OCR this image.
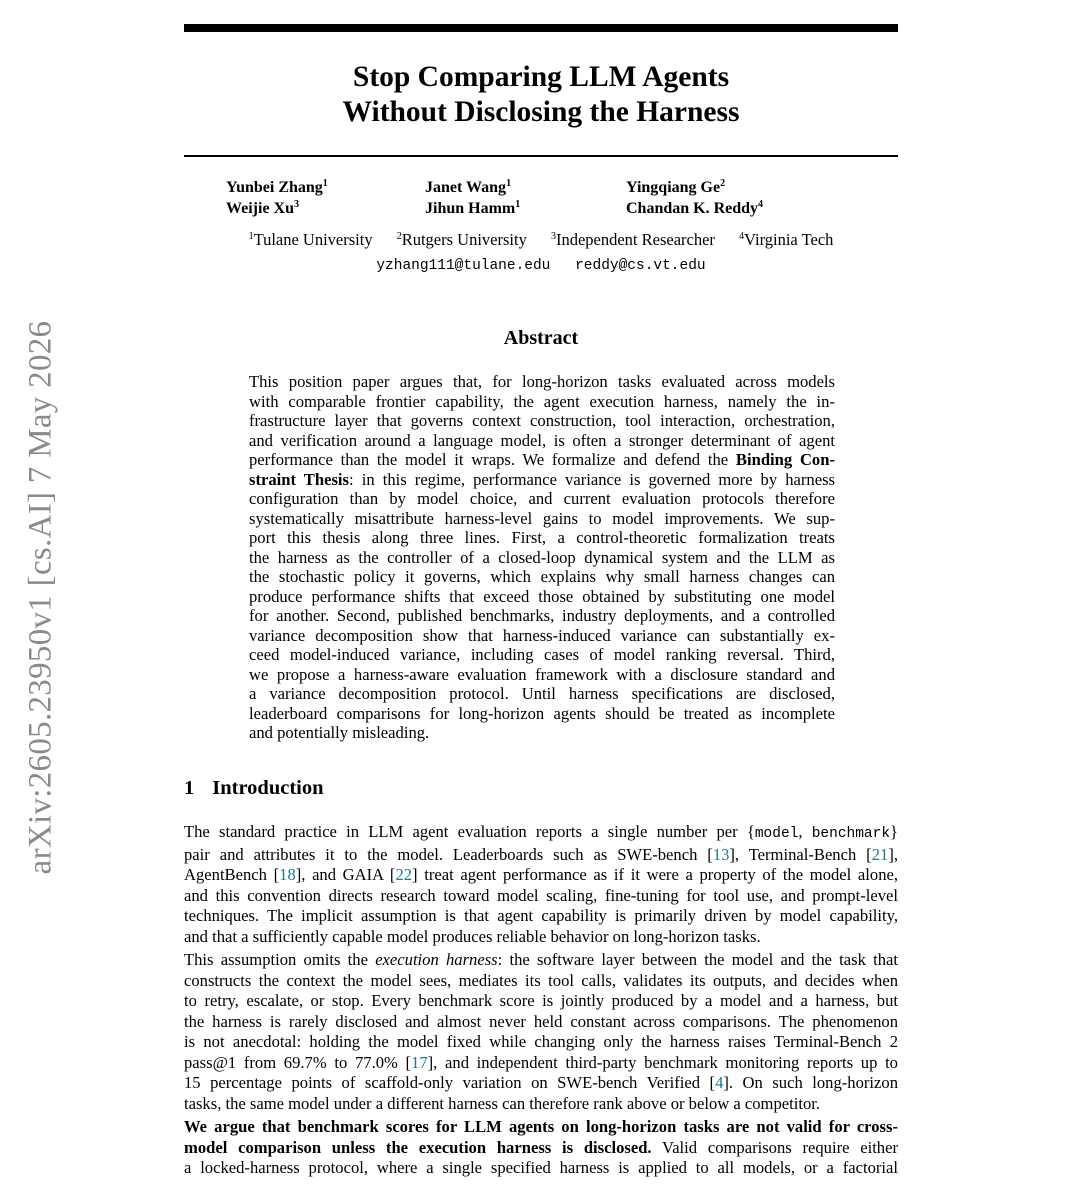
arXiv:2605.23950v1 [cs.AI] 7 May 2026
Stop Comparing LLM Agents
Without Disclosing the Harness
Yunbei Zhang$^1$	Janet Wang$^1$	Yingqiang Ge$^2$
Weijie Xu$^3$	Jihun Hamm$^1$	Chandan K. Reddy$^4$
$^1$Tulane University $^2$Rutgers University $^3$Independent Researcher $^4$Virginia Tech
yzhang111@tulane.edu reddy@cs.vt.edu
Abstract
This position paper argues that, for long-horizon tasks evaluated across models
with comparable frontier capability, the agent execution harness, namely the in-
frastructure layer that governs context construction, tool interaction, orchestration,
and verification around a language model, is often a stronger determinant of agent
performance than the model it wraps. We formalize and defend the Binding Con-
straint Thesis: in this regime, performance variance is governed more by harness
configuration than by model choice, and current evaluation protocols therefore
systematically misattribute harness-level gains to model improvements. We sup-
port this thesis along three lines. First, a control-theoretic formalization treats
the harness as the controller of a closed-loop dynamical system and the LLM as
the stochastic policy it governs, which explains why small harness changes can
produce performance shifts that exceed those obtained by substituting one model
for another. Second, published benchmarks, industry deployments, and a controlled
variance decomposition show that harness-induced variance can substantially ex-
ceed model-induced variance, including cases of model ranking reversal. Third,
we propose a harness-aware evaluation framework with a disclosure standard and
a variance decomposition protocol. Until harness specifications are disclosed,
leaderboard comparisons for long-horizon agents should be treated as incomplete
and potentially misleading.
1 Introduction
The standard practice in LLM agent evaluation reports a single number per {model, benchmark}
pair and attributes it to the model. Leaderboards such as SWE-bench [13], Terminal-Bench [21],
AgentBench [18], and GAIA [22] treat agent performance as if it were a property of the model alone,
and this convention directs research toward model scaling, fine-tuning for tool use, and prompt-level
techniques. The implicit assumption is that agent capability is primarily driven by model capability,
and that a sufficiently capable model produces reliable behavior on long-horizon tasks.
This assumption omits the execution harness: the software layer between the model and the task that
constructs the context the model sees, mediates its tool calls, validates its outputs, and decides when
to retry, escalate, or stop. Every benchmark score is jointly produced by a model and a harness, but
the harness is rarely disclosed and almost never held constant across comparisons. The phenomenon
is not anecdotal: holding the model fixed while changing only the harness raises Terminal-Bench 2
pass@1 from 69.7% to 77.0% [17], and independent third-party benchmark monitoring reports up to
15 percentage points of scaffold-only variation on SWE-bench Verified [4]. On such long-horizon
tasks, the same model under a different harness can therefore rank above or below a competitor.
We argue that benchmark scores for LLM agents on long-horizon tasks are not valid for cross-
model comparison unless the execution harness is disclosed. Valid comparisons require either
a locked-harness protocol, where a single specified harness is applied to all models, or a factorial
